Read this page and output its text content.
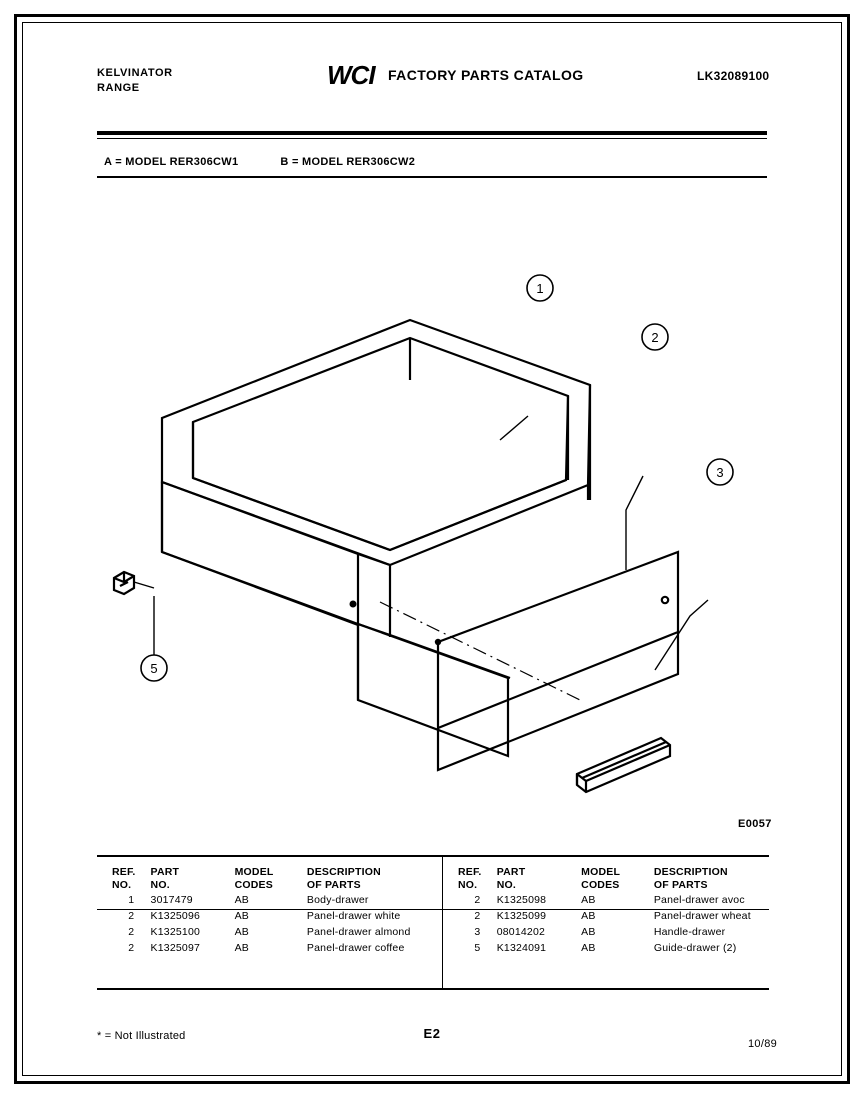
KELVINATOR
RANGE	WCI FACTORY PARTS CATALOG	LK32089100
A = MODEL RER306CW1	B = MODEL RER306CW2
1
2
3
5
E0057
REF.
NO.	PART
NO.	MODEL
CODES	DESCRIPTION
OF PARTS
1	3017479	AB	Body-drawer
2	K1325096	AB	Panel-drawer white
2	K1325100	AB	Panel-drawer almond
2	K1325097	AB	Panel-drawer coffee
REF.
NO.	PART
NO.	MODEL
CODES	DESCRIPTION
OF PARTS
2	K1325098	AB	Panel-drawer avoc
2	K1325099	AB	Panel-drawer wheat
3	08014202	AB	Handle-drawer
5	K1324091	AB	Guide-drawer (2)
* = Not Illustrated	E2
10/89
